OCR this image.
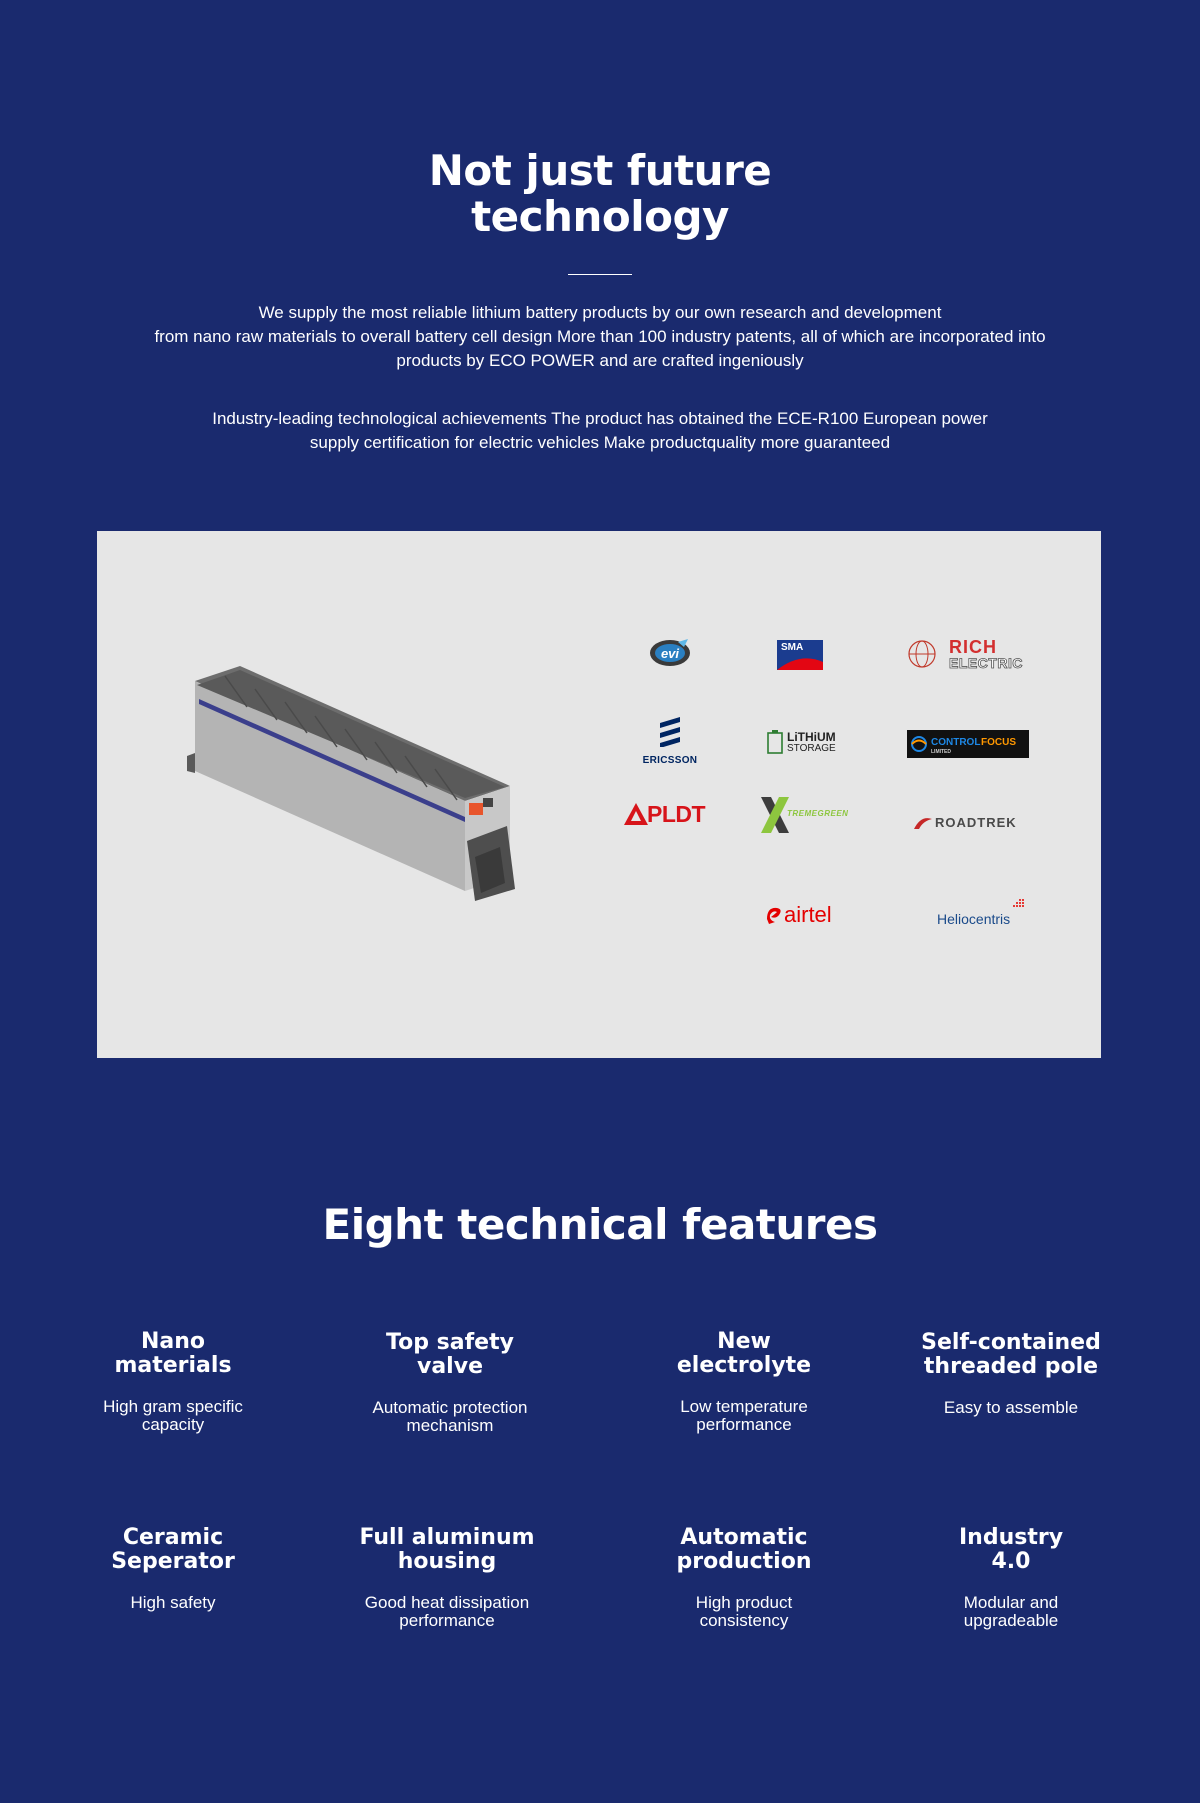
Not just future
technology

We supply the most reliable lithium battery products by our own research and development
from nano raw materials to overall battery cell design More than 100 industry patents, all of which are incorporated into
products by ECO POWER and are crafted ingeniously

Industry-leading technological achievements The product has obtained the ECE-R100 European power
supply certification for electric vehicles Make productquality more guaranteed

evi	SMA	RICH
ELECTRIC
ERICSSON
LiTHiUM
STORAGE
CONTROL FOCUS
LIMITED
PLDT	TREMEGREEN
ROADTREK
airtel	Heliocentris
Eight technical features
Nano
materials
High gram specific
capacity
Top safety
valve
Automatic protection
mechanism
New
electrolyte
Low temperature
performance
Self-contained
threaded pole
Easy to assemble
Ceramic
Seperator
High safety
Full aluminum
housing
Good heat dissipation
performance
Automatic
production
High product
consistency
Industry
4.0
Modular and
upgradeable
